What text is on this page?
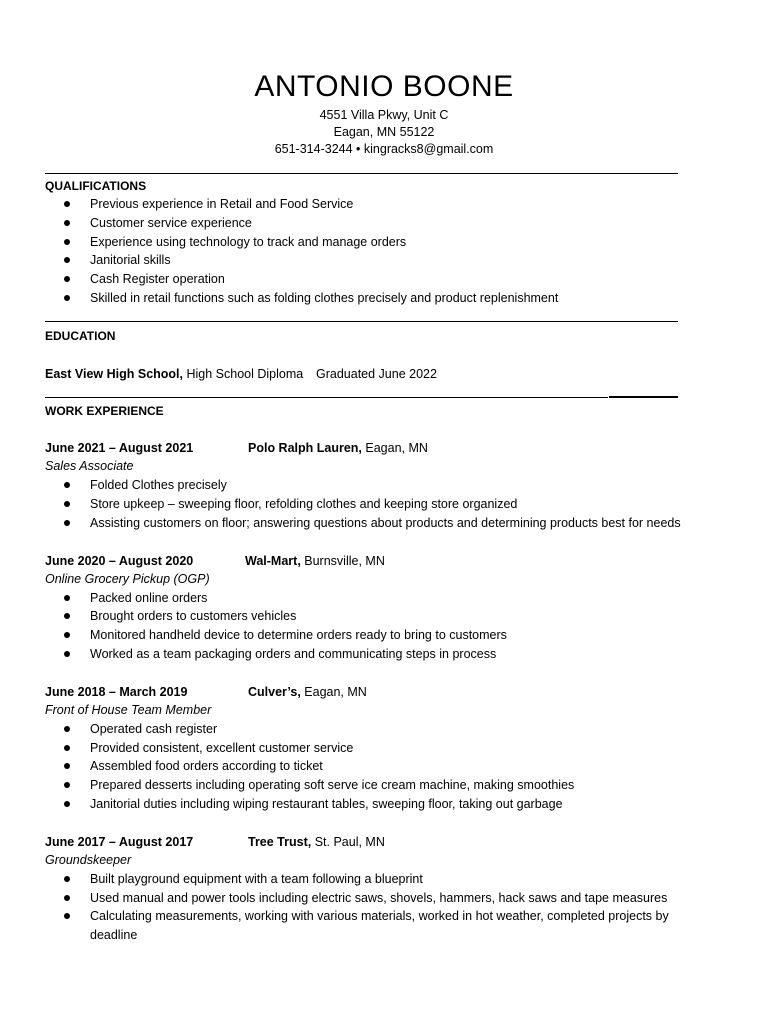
ANTONIO BOONE
4551 Villa Pkwy, Unit C
Eagan, MN 55122
651-314-3244 • kingracks8@gmail.com
QUALIFICATIONS
Previous experience in Retail and Food Service
Customer service experience
Experience using technology to track and manage orders
Janitorial skills
Cash Register operation
Skilled in retail functions such as folding clothes precisely and product replenishment
EDUCATION
East View High School, High School Diploma Graduated June 2022
WORK EXPERIENCE
June 2021 – August 2021	Polo Ralph Lauren, Eagan, MN
Sales Associate
Folded Clothes precisely
Store upkeep – sweeping floor, refolding clothes and keeping store organized
Assisting customers on floor; answering questions about products and determining products best for needs
June 2020 – August 2020	Wal-Mart, Burnsville, MN
Online Grocery Pickup (OGP)
Packed online orders
Brought orders to customers vehicles
Monitored handheld device to determine orders ready to bring to customers
Worked as a team packaging orders and communicating steps in process
June 2018 – March 2019	Culver’s, Eagan, MN
Front of House Team Member
Operated cash register
Provided consistent, excellent customer service
Assembled food orders according to ticket
Prepared desserts including operating soft serve ice cream machine, making smoothies
Janitorial duties including wiping restaurant tables, sweeping floor, taking out garbage
June 2017 – August 2017	Tree Trust, St. Paul, MN
Groundskeeper
Built playground equipment with a team following a blueprint
Used manual and power tools including electric saws, shovels, hammers, hack saws and tape measures
Calculating measurements, working with various materials, worked in hot weather, completed projects by
deadline
